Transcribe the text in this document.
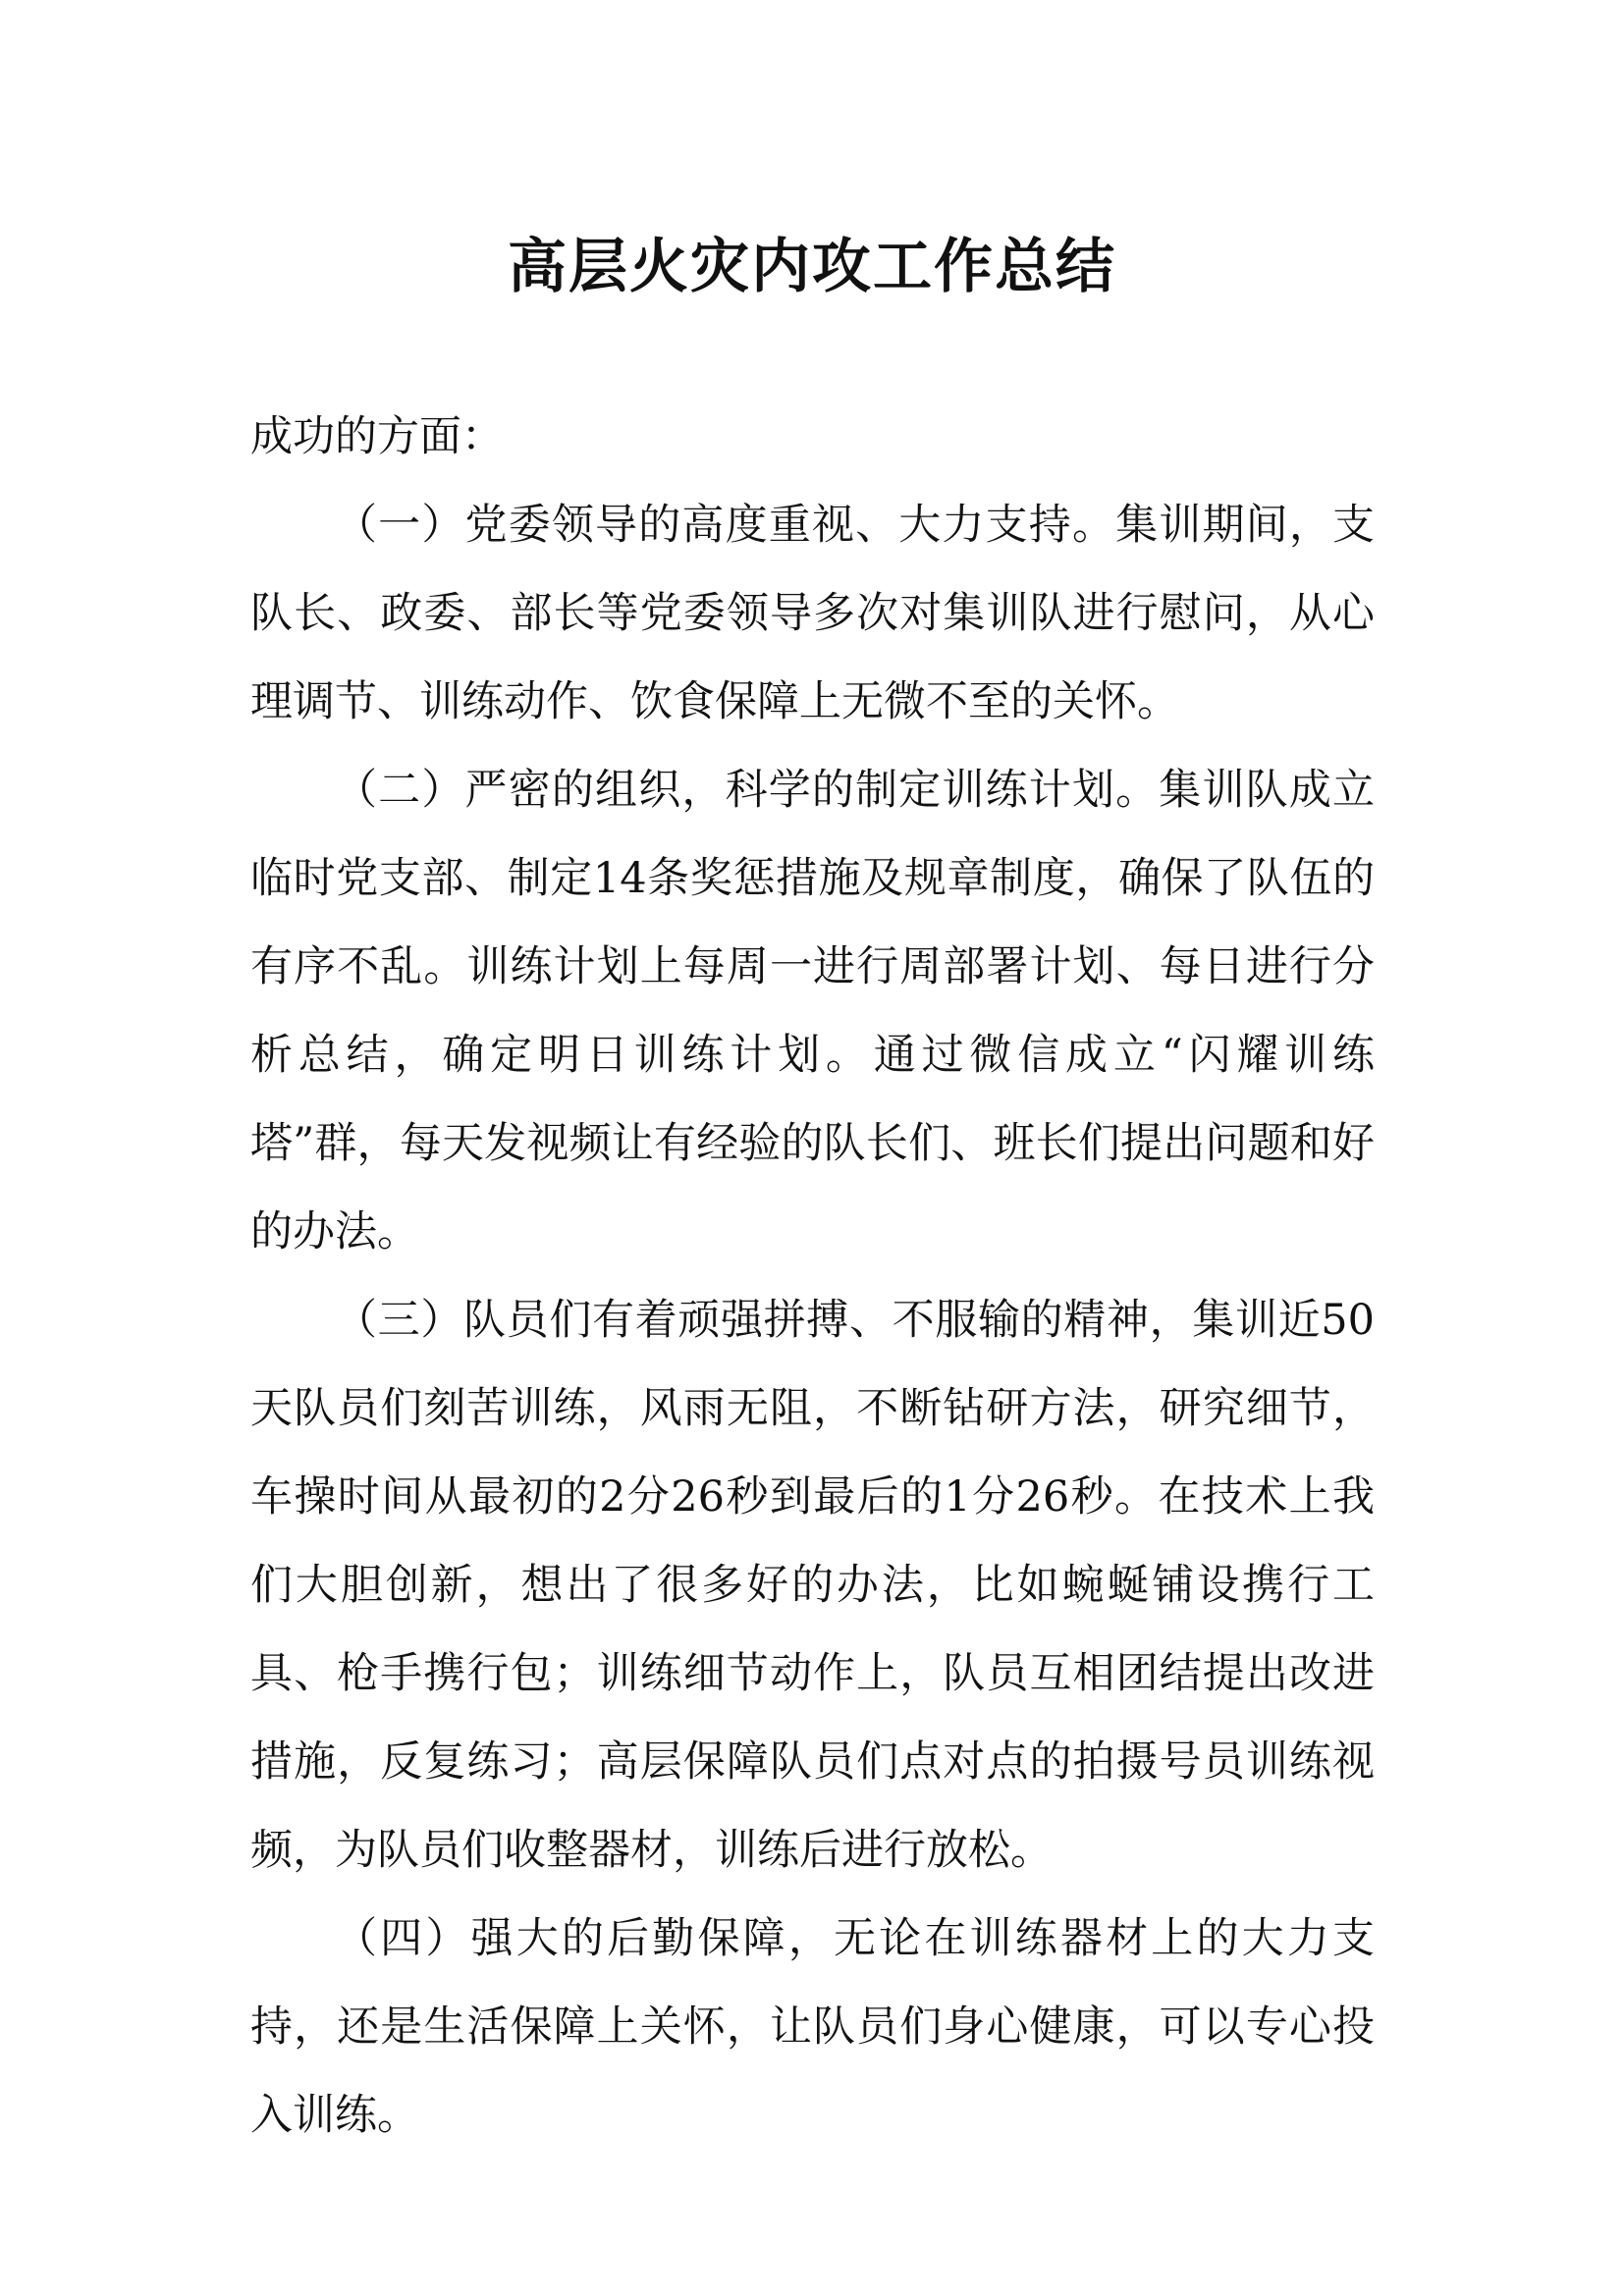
高层火灾内攻工作总结

成功的方面：

（一）党委领导的高度重视、大力支持。集训期间，支队长、政委、部长等党委领导多次对集训队进行慰问，从心理调节、训练动作、饮食保障上无微不至的关怀。

（二）严密的组织，科学的制定训练计划。集训队成立临时党支部、制定14条奖惩措施及规章制度，确保了队伍的有序不乱。训练计划上每周一进行周部署计划、每日进行分析总结，确定明日训练计划。通过微信成立“闪耀训练塔”群，每天发视频让有经验的队长们、班长们提出问题和好的办法。

（三）队员们有着顽强拼搏、不服输的精神，集训近50天队员们刻苦训练，风雨无阻，不断钻研方法，研究细节，车操时间从最初的2分26秒到最后的1分26秒。在技术上我们大胆创新，想出了很多好的办法，比如蜿蜒铺设携行工具、枪手携行包；训练细节动作上，队员互相团结提出改进措施，反复练习；高层保障队员们点对点的拍摄号员训练视频，为队员们收整器材，训练后进行放松。

（四）强大的后勤保障，无论在训练器材上的大力支持，还是生活保障上关怀，让队员们身心健康，可以专心投入训练。
